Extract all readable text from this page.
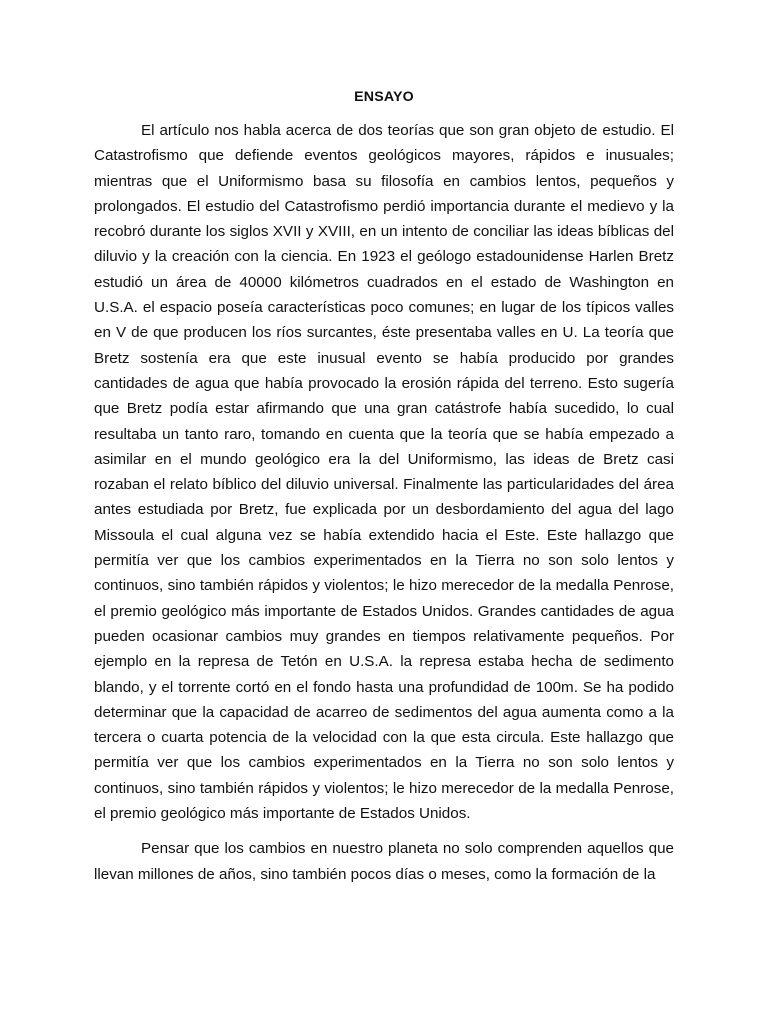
ENSAYO

El artículo nos habla acerca de dos teorías que son gran objeto de estudio. El Catastrofismo que defiende eventos geológicos mayores, rápidos e inusuales; mientras que el Uniformismo basa su filosofía en cambios lentos, pequeños y prolongados. El estudio del Catastrofismo perdió importancia durante el medievo y la recobró durante los siglos XVII y XVIII, en un intento de conciliar las ideas bíblicas del diluvio y la creación con la ciencia. En 1923 el geólogo estadounidense Harlen Bretz estudió un área de 40000 kilómetros cuadrados en el estado de Washington en U.S.A. el espacio poseía características poco comunes; en lugar de los típicos valles en V de que producen los ríos surcantes, éste presentaba valles en U. La teoría que Bretz sostenía era que este inusual evento se había producido por grandes cantidades de agua que había provocado la erosión rápida del terreno. Esto sugería que Bretz podía estar afirmando que una gran catástrofe había sucedido, lo cual resultaba un tanto raro, tomando en cuenta que la teoría que se había empezado a asimilar en el mundo geológico era la del Uniformismo, las ideas de Bretz casi rozaban el relato bíblico del diluvio universal. Finalmente las particularidades del área antes estudiada por Bretz, fue explicada por un desbordamiento del agua del lago Missoula el cual alguna vez se había extendido hacia el Este. Este hallazgo que permitía ver que los cambios experimentados en la Tierra no son solo lentos y continuos, sino también rápidos y violentos; le hizo merecedor de la medalla Penrose, el premio geológico más importante de Estados Unidos. Grandes cantidades de agua pueden ocasionar cambios muy grandes en tiempos relativamente pequeños. Por ejemplo en la represa de Tetón en U.S.A. la represa estaba hecha de sedimento blando, y el torrente cortó en el fondo hasta una profundidad de 100m. Se ha podido determinar que la capacidad de acarreo de sedimentos del agua aumenta como a la tercera o cuarta potencia de la velocidad con la que esta circula. Este hallazgo que permitía ver que los cambios experimentados en la Tierra no son solo lentos y continuos, sino también rápidos y violentos; le hizo merecedor de la medalla Penrose, el premio geológico más importante de Estados Unidos.

Pensar que los cambios en nuestro planeta no solo comprenden aquellos que llevan millones de años, sino también pocos días o meses, como la formación de la
